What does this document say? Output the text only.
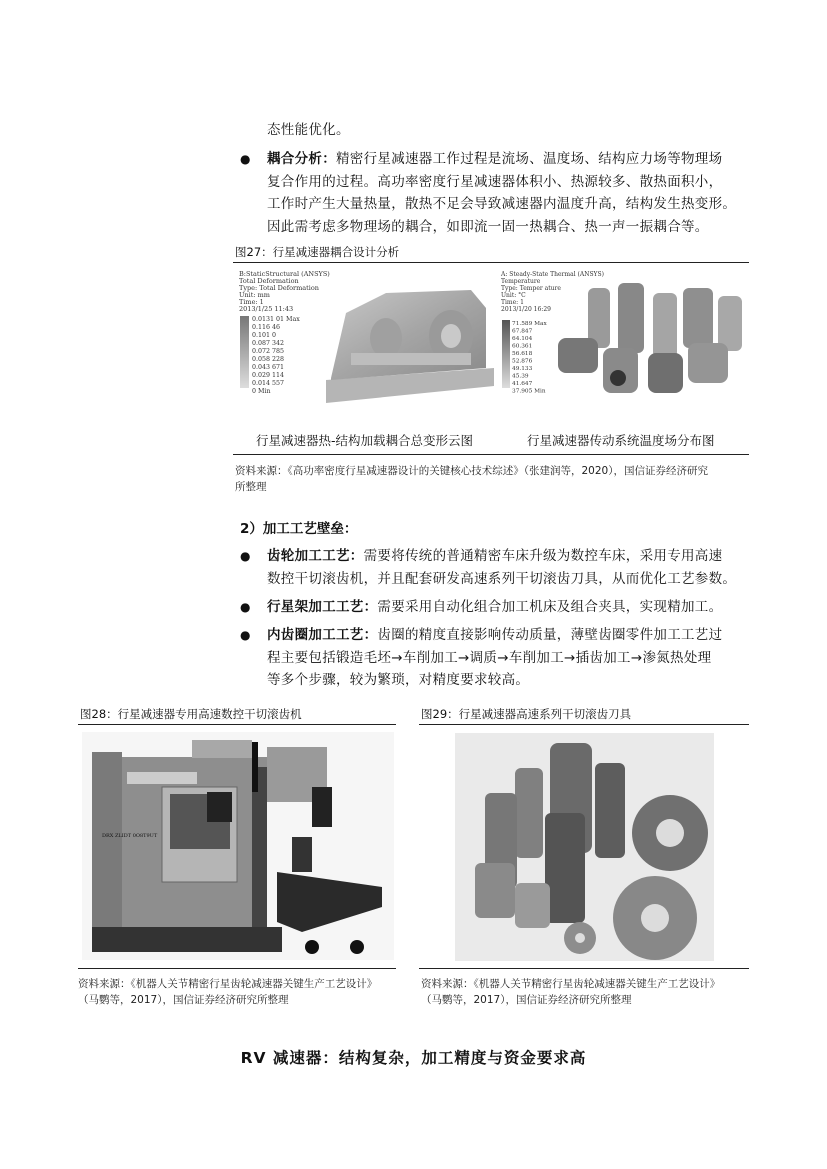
态性能优化。
● 耦合分析：精密行星减速器工作过程是流场、温度场、结构应力场等物理场
复合作用的过程。高功率密度行星减速器体积小、热源较多、散热面积小，
工作时产生大量热量，散热不足会导致减速器内温度升高，结构发生热变形。
因此需考虑多物理场的耦合，如即流一固一热耦合、热一声一振耦合等。
图27：行星减速器耦合设计分析
B:StaticStructural (ANSYS)
Total Deformation
Type: Total Deformation
Unit: mm
Time: 1
2013/1/25 11:43
0.0131 01 Max
0.116 46
0.101 0
0.087 342
0.072 785
0.058 228
0.043 671
0.029 114
0.014 557
0 Min
A: Steady-State Thermal (ANSYS)
Temperature
Type: Temper ature
Unit: °C
Time: 1
2013/1/20 16:29
71.589 Max
67.847
64.104
60.361
56.618
52.876
49.133
45.39
41.647
37.905 Min
行星减速器热-结构加载耦合总变形云图	行星减速器传动系统温度场分布图
资料来源：《高功率密度行星减速器设计的关键核心技术综述》（张建润等，2020），国信证券经济研究
所整理
2）加工工艺壁垒：
● 齿轮加工工艺：需要将传统的普通精密车床升级为数控车床，采用专用高速
数控干切滚齿机，并且配套研发高速系列干切滚齿刀具，从而优化工艺参数。
● 行星架加工工艺：需要采用自动化组合加工机床及组合夹具，实现精加工。
● 内齿圈加工工艺：齿圈的精度直接影响传动质量，薄壁齿圈零件加工工艺过
程主要包括锻造毛坯→车削加工→调质→车削加工→插齿加工→渗氮热处理
等多个步骤，较为繁琐，对精度要求较高。
图28：行星减速器专用高速数控干切滚齿机
DRX ZLIDT 0O8T9UT
资料来源：《机器人关节精密行星齿轮减速器关键生产工艺设计》
（马鹦等，2017），国信证券经济研究所整理
图29：行星减速器高速系列干切滚齿刀具
资料来源：《机器人关节精密行星齿轮减速器关键生产工艺设计》
（马鹦等，2017），国信证券经济研究所整理
RV 减速器：结构复杂，加工精度与资金要求高
